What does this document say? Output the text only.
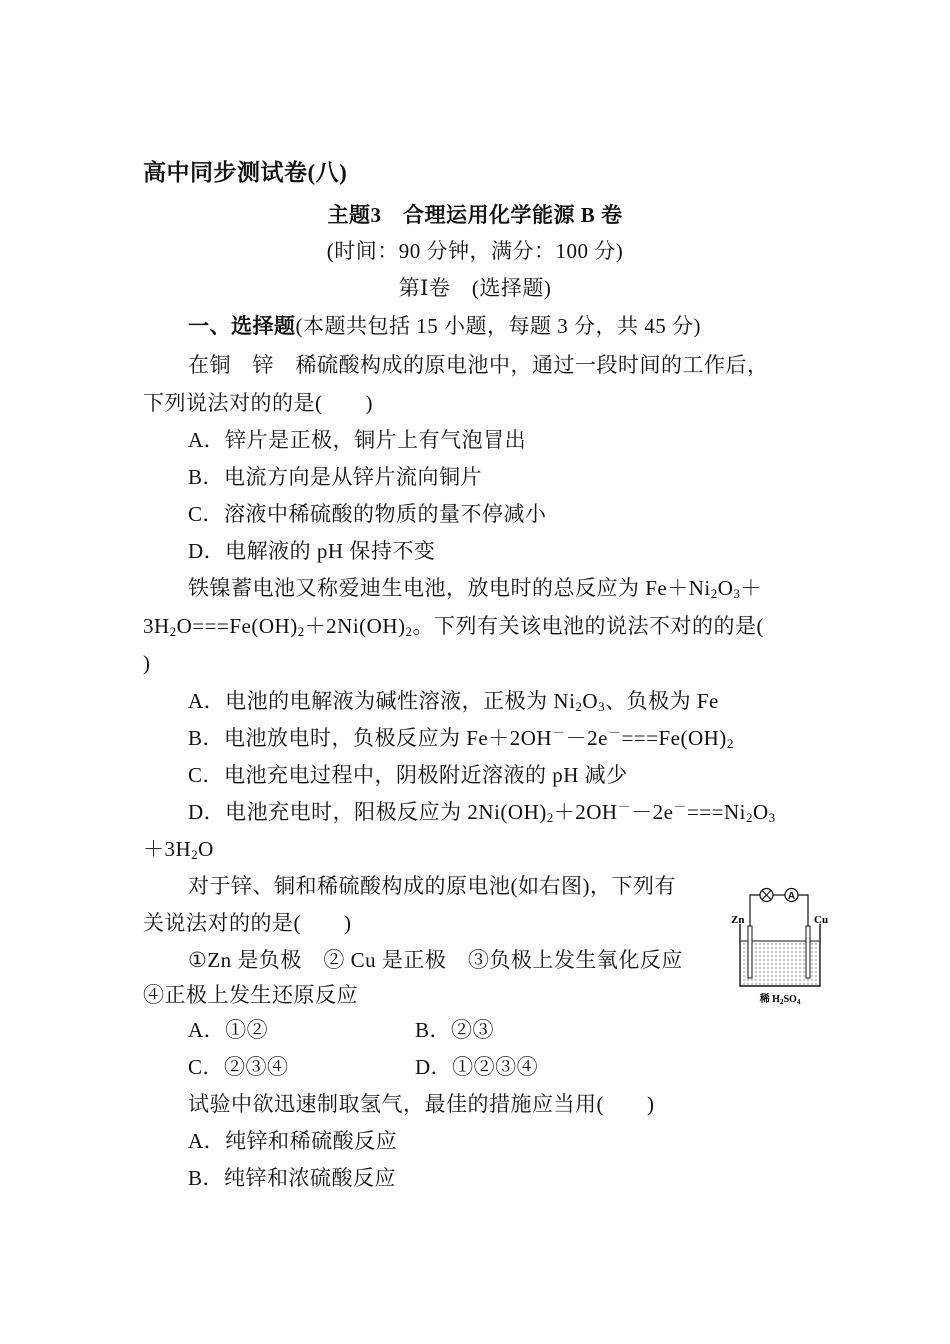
高中同步测试卷(八)
主题3　合理运用化学能源 B 卷
(时间：90 分钟，满分：100 分)
第Ⅰ卷　(选择题)
一、选择题(本题共包括 15 小题，每题 3 分，共 45 分)
在铜　锌　稀硫酸构成的原电池中，通过一段时间的工作后，
下列说法对的的是(　　)
A．锌片是正极，铜片上有气泡冒出
B．电流方向是从锌片流向铜片
C．溶液中稀硫酸的物质的量不停减小
D．电解液的 pH 保持不变
铁镍蓄电池又称爱迪生电池，放电时的总反应为 $Fe+Ni_2O_3+$
$3H_2O===Fe(OH)_2+2Ni(OH)_2$。下列有关该电池的说法不对的的是(
)
A．电池的电解液为碱性溶液，正极为 $Ni_2O_3$、负极为 Fe
B．电池放电时，负极反应为 $Fe+2OH^--2e^-===Fe(OH)_2$
C．电池充电过程中，阴极附近溶液的 pH 减少
D．电池充电时，阳极反应为 $2Ni(OH)_2+2OH^--2e^-===Ni_2O_3$
$+3H_2O$
对于锌、铜和稀硫酸构成的原电池(如右图)，下列有
关说法对的的是(　　)
①Zn 是负极　② Cu 是正极　③负极上发生氧化反应
④正极上发生还原反应
A．①②	B．②③
C．②③④	D．①②③④
A
Zn	Cu
稀 $H_2SO_4$
试验中欲迅速制取氢气，最佳的措施应当用(　　)
A．纯锌和稀硫酸反应
B．纯锌和浓硫酸反应
